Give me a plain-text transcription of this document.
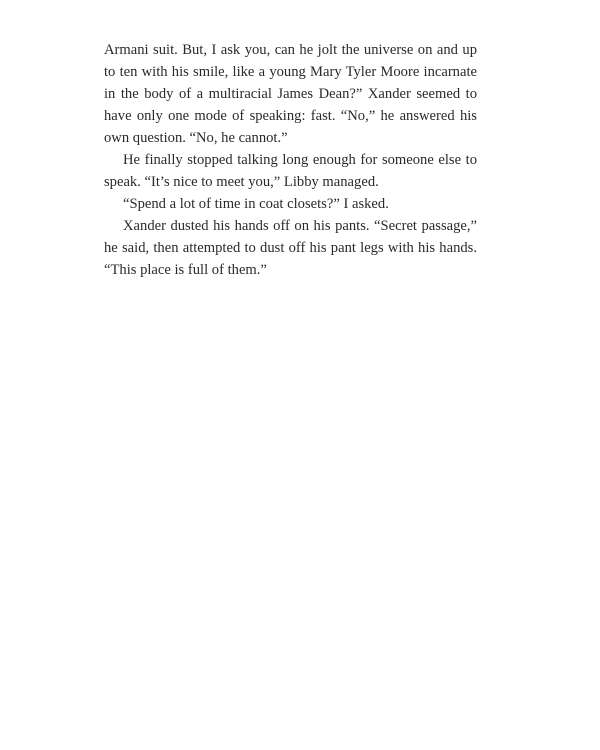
Armani suit. But, I ask you, can he jolt the universe on and up to ten with his smile, like a young Mary Tyler Moore incarnate in the body of a multiracial James Dean?” Xander seemed to have only one mode of speaking: fast. “No,” he answered his own question. “No, he cannot.”

He finally stopped talking long enough for someone else to speak. “It’s nice to meet you,” Libby managed.

“Spend a lot of time in coat closets?” I asked.

Xander dusted his hands off on his pants. “Secret passage,” he said, then attempted to dust off his pant legs with his hands. “This place is full of them.”
